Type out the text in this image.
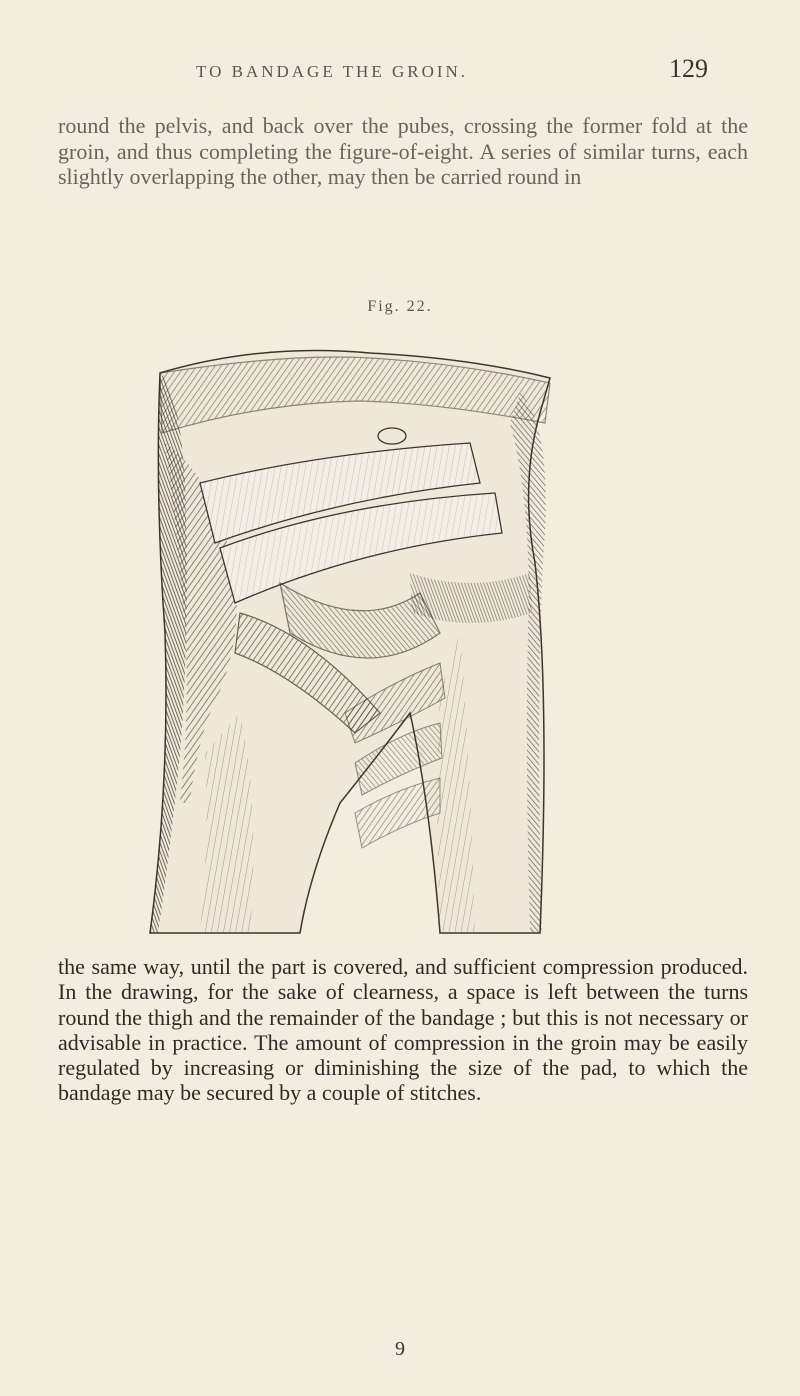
TO BANDAGE THE GROIN.	129

round the pelvis, and back over the pubes, crossing the former fold at the groin, and thus completing the figure-of-eight. A series of similar turns, each slightly overlapping the other, may then be carried round in

Fig. 22.

the same way, until the part is covered, and sufficient compression produced. In the drawing, for the sake of clearness, a space is left between the turns round the thigh and the remainder of the bandage ; but this is not necessary or advisable in practice. The amount of compression in the groin may be easily regulated by increasing or diminishing the size of the pad, to which the bandage may be secured by a couple of stitches.

9
